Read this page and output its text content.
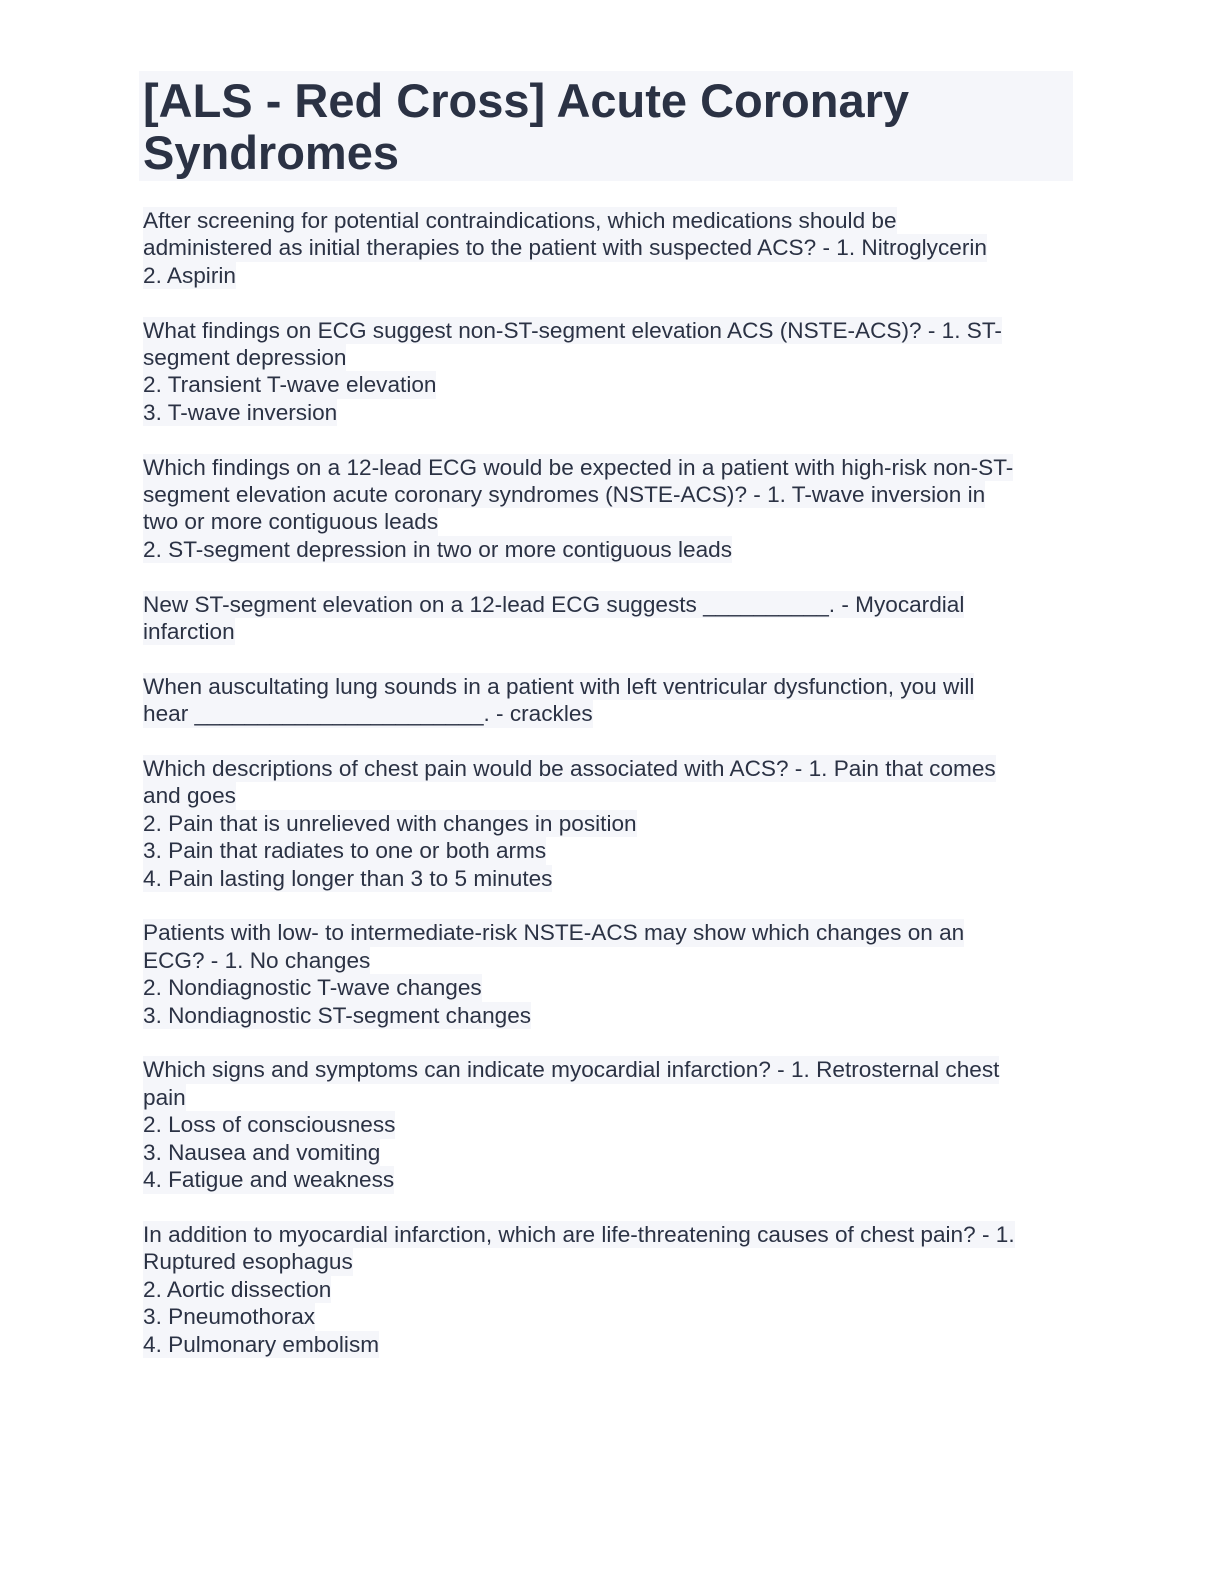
[ALS - Red Cross] Acute Coronary
Syndromes
After screening for potential contraindications, which medications should be
administered as initial therapies to the patient with suspected ACS? - 1. Nitroglycerin
2. Aspirin
What findings on ECG suggest non-ST-segment elevation ACS (NSTE-ACS)? - 1. ST-
segment depression
2. Transient T-wave elevation
3. T-wave inversion
Which findings on a 12-lead ECG would be expected in a patient with high-risk non-ST-
segment elevation acute coronary syndromes (NSTE-ACS)? - 1. T-wave inversion in
two or more contiguous leads
2. ST-segment depression in two or more contiguous leads
New ST-segment elevation on a 12-lead ECG suggests __________. - Myocardial
infarction
When auscultating lung sounds in a patient with left ventricular dysfunction, you will
hear _______________________. - crackles
Which descriptions of chest pain would be associated with ACS? - 1. Pain that comes
and goes
2. Pain that is unrelieved with changes in position
3. Pain that radiates to one or both arms
4. Pain lasting longer than 3 to 5 minutes
Patients with low- to intermediate-risk NSTE-ACS may show which changes on an
ECG? - 1. No changes
2. Nondiagnostic T-wave changes
3. Nondiagnostic ST-segment changes
Which signs and symptoms can indicate myocardial infarction? - 1. Retrosternal chest
pain
2. Loss of consciousness
3. Nausea and vomiting
4. Fatigue and weakness
In addition to myocardial infarction, which are life-threatening causes of chest pain? - 1.
Ruptured esophagus
2. Aortic dissection
3. Pneumothorax
4. Pulmonary embolism
